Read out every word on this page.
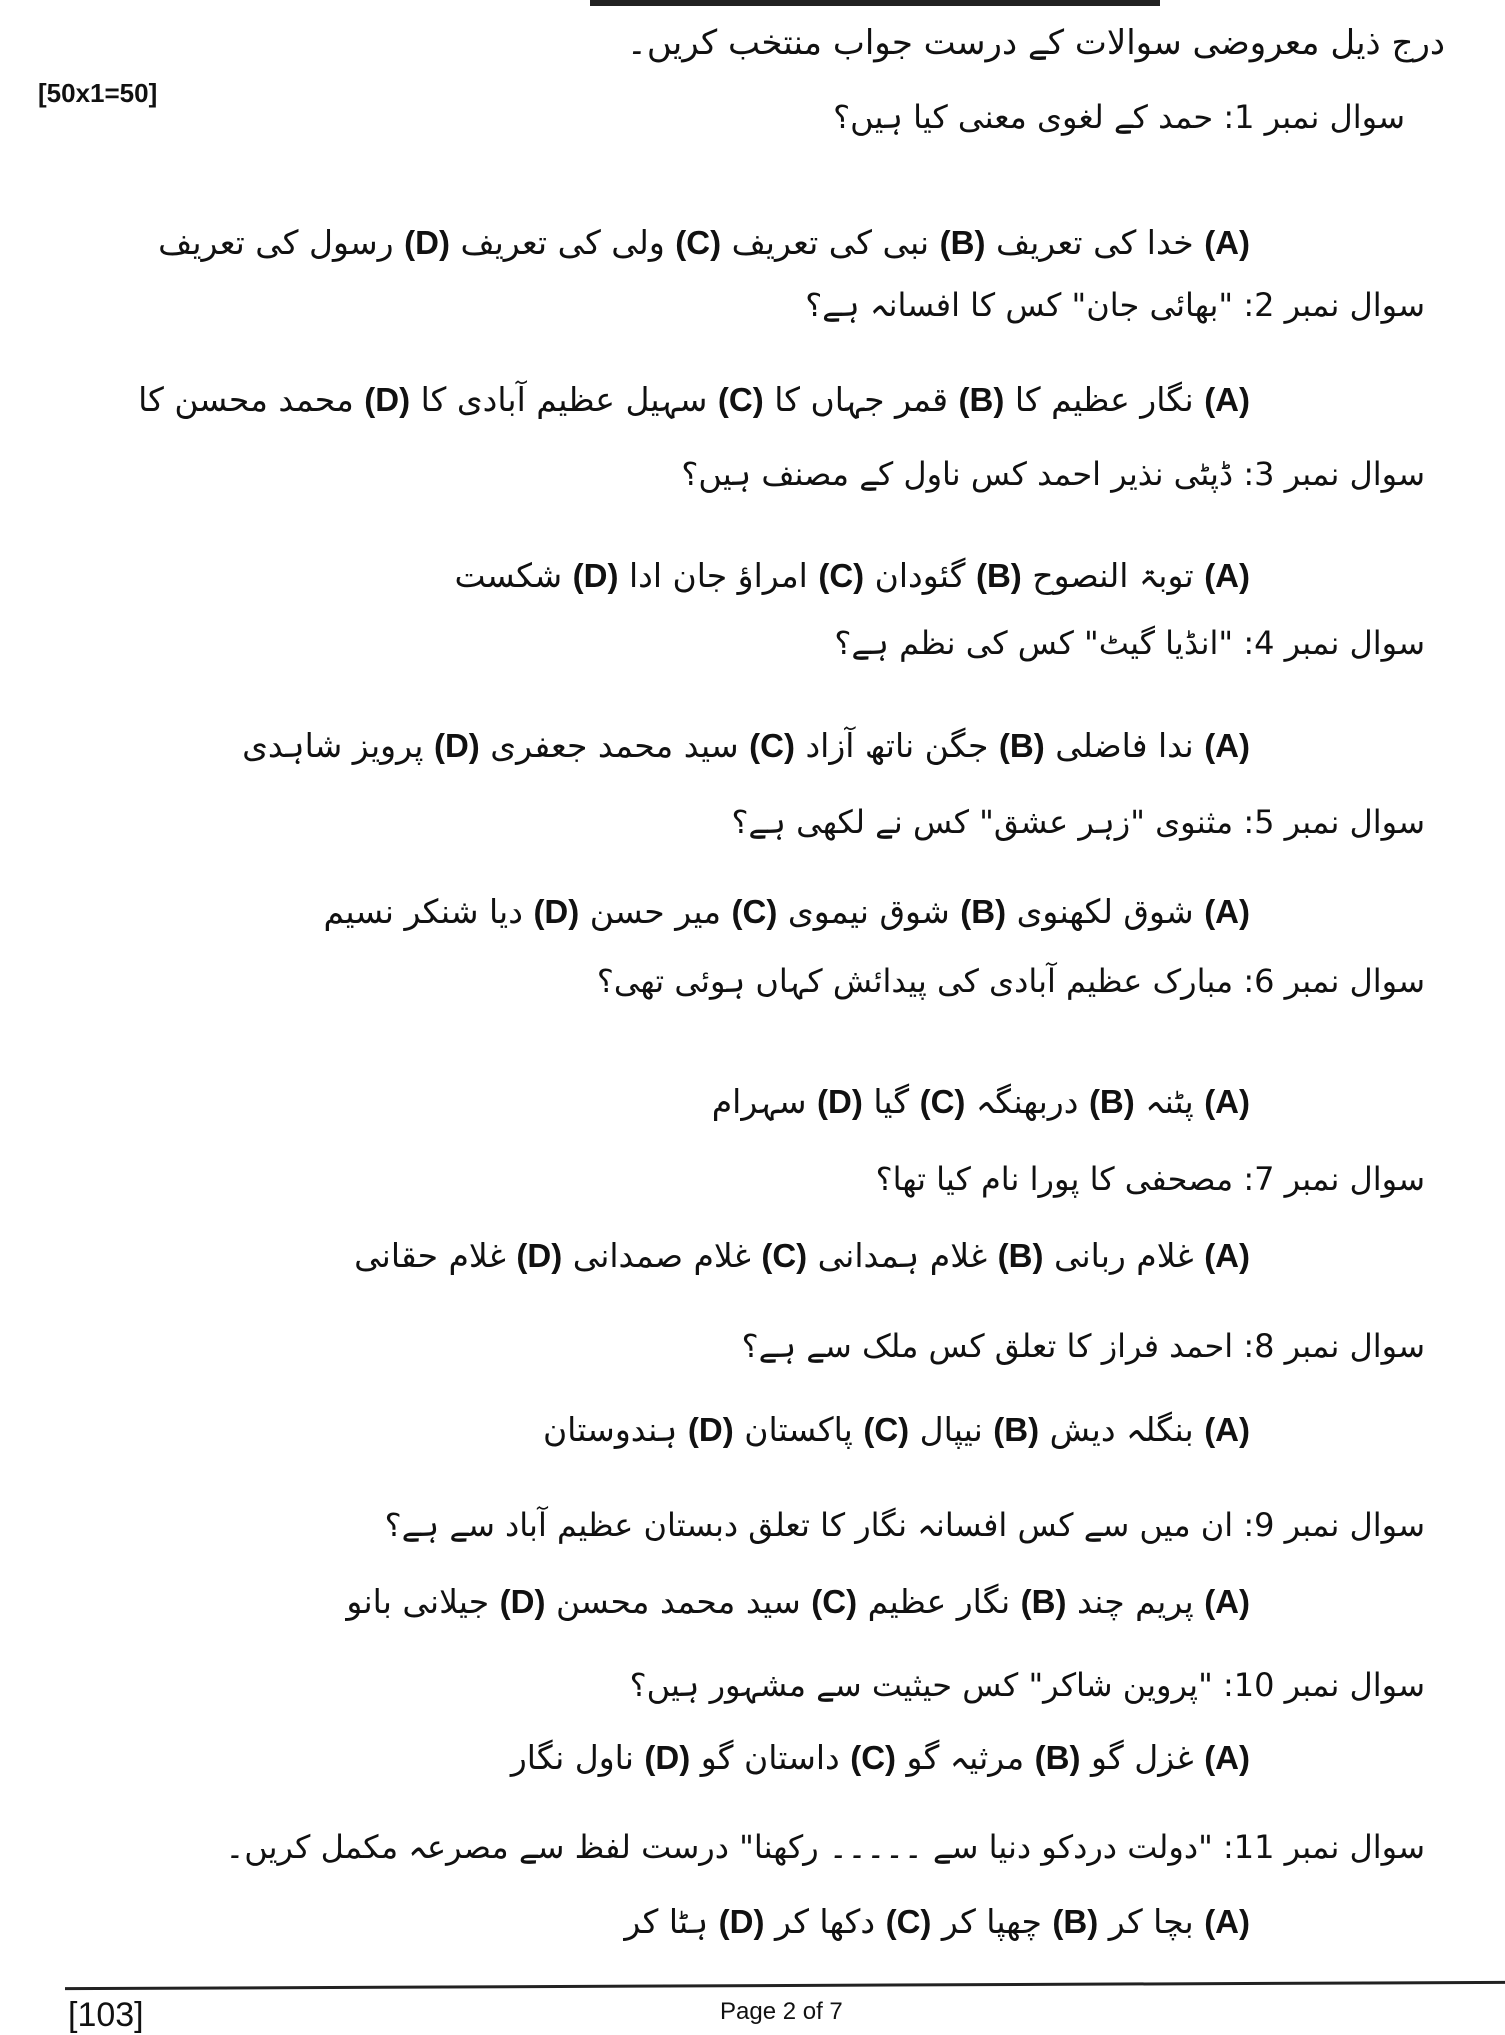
[50x1=50]
درج ذیل معروضی سوالات کے درست جواب منتخب کریں۔
سوال نمبر 1: حمد کے لغوی معنی کیا ہیں؟
(A) خدا کی تعریف (B) نبی کی تعریف (C) ولی کی تعریف (D) رسول کی تعریف
سوال نمبر 2: "بھائی جان" کس کا افسانہ ہے؟
(A) نگار عظیم کا (B) قمر جہاں کا (C) سہیل عظیم آبادی کا (D) محمد محسن کا
سوال نمبر 3: ڈپٹی نذیر احمد کس ناول کے مصنف ہیں؟
(A) توبۃ النصوح (B) گئودان (C) امراؤ جان ادا (D) شکست
سوال نمبر 4: "انڈیا گیٹ" کس کی نظم ہے؟
(A) ندا فاضلی (B) جگن ناتھ آزاد (C) سید محمد جعفری (D) پرویز شاہدی
سوال نمبر 5: مثنوی "زہر عشق" کس نے لکھی ہے؟
(A) شوق لکھنوی (B) شوق نیموی (C) میر حسن (D) دیا شنکر نسیم
سوال نمبر 6: مبارک عظیم آبادی کی پیدائش کہاں ہوئی تھی؟
(A) پٹنہ (B) دربھنگہ (C) گیا (D) سہرام
سوال نمبر 7: مصحفی کا پورا نام کیا تھا؟
(A) غلام ربانی (B) غلام ہمدانی (C) غلام صمدانی (D) غلام حقانی
سوال نمبر 8: احمد فراز کا تعلق کس ملک سے ہے؟
(A) بنگلہ دیش (B) نیپال (C) پاکستان (D) ہندوستان
سوال نمبر 9: ان میں سے کس افسانہ نگار کا تعلق دبستان عظیم آباد سے ہے؟
(A) پریم چند (B) نگار عظیم (C) سید محمد محسن (D) جیلانی بانو
سوال نمبر 10: "پروین شاکر" کس حیثیت سے مشہور ہیں؟
(A) غزل گو (B) مرثیہ گو (C) داستان گو (D) ناول نگار
سوال نمبر 11: "دولت دردکو دنیا سے ۔۔۔۔۔ رکھنا" درست لفظ سے مصرعہ مکمل کریں۔
(A) بچا کر (B) چھپا کر (C) دکھا کر (D) ہٹا کر
[103]	Page 2 of 7
